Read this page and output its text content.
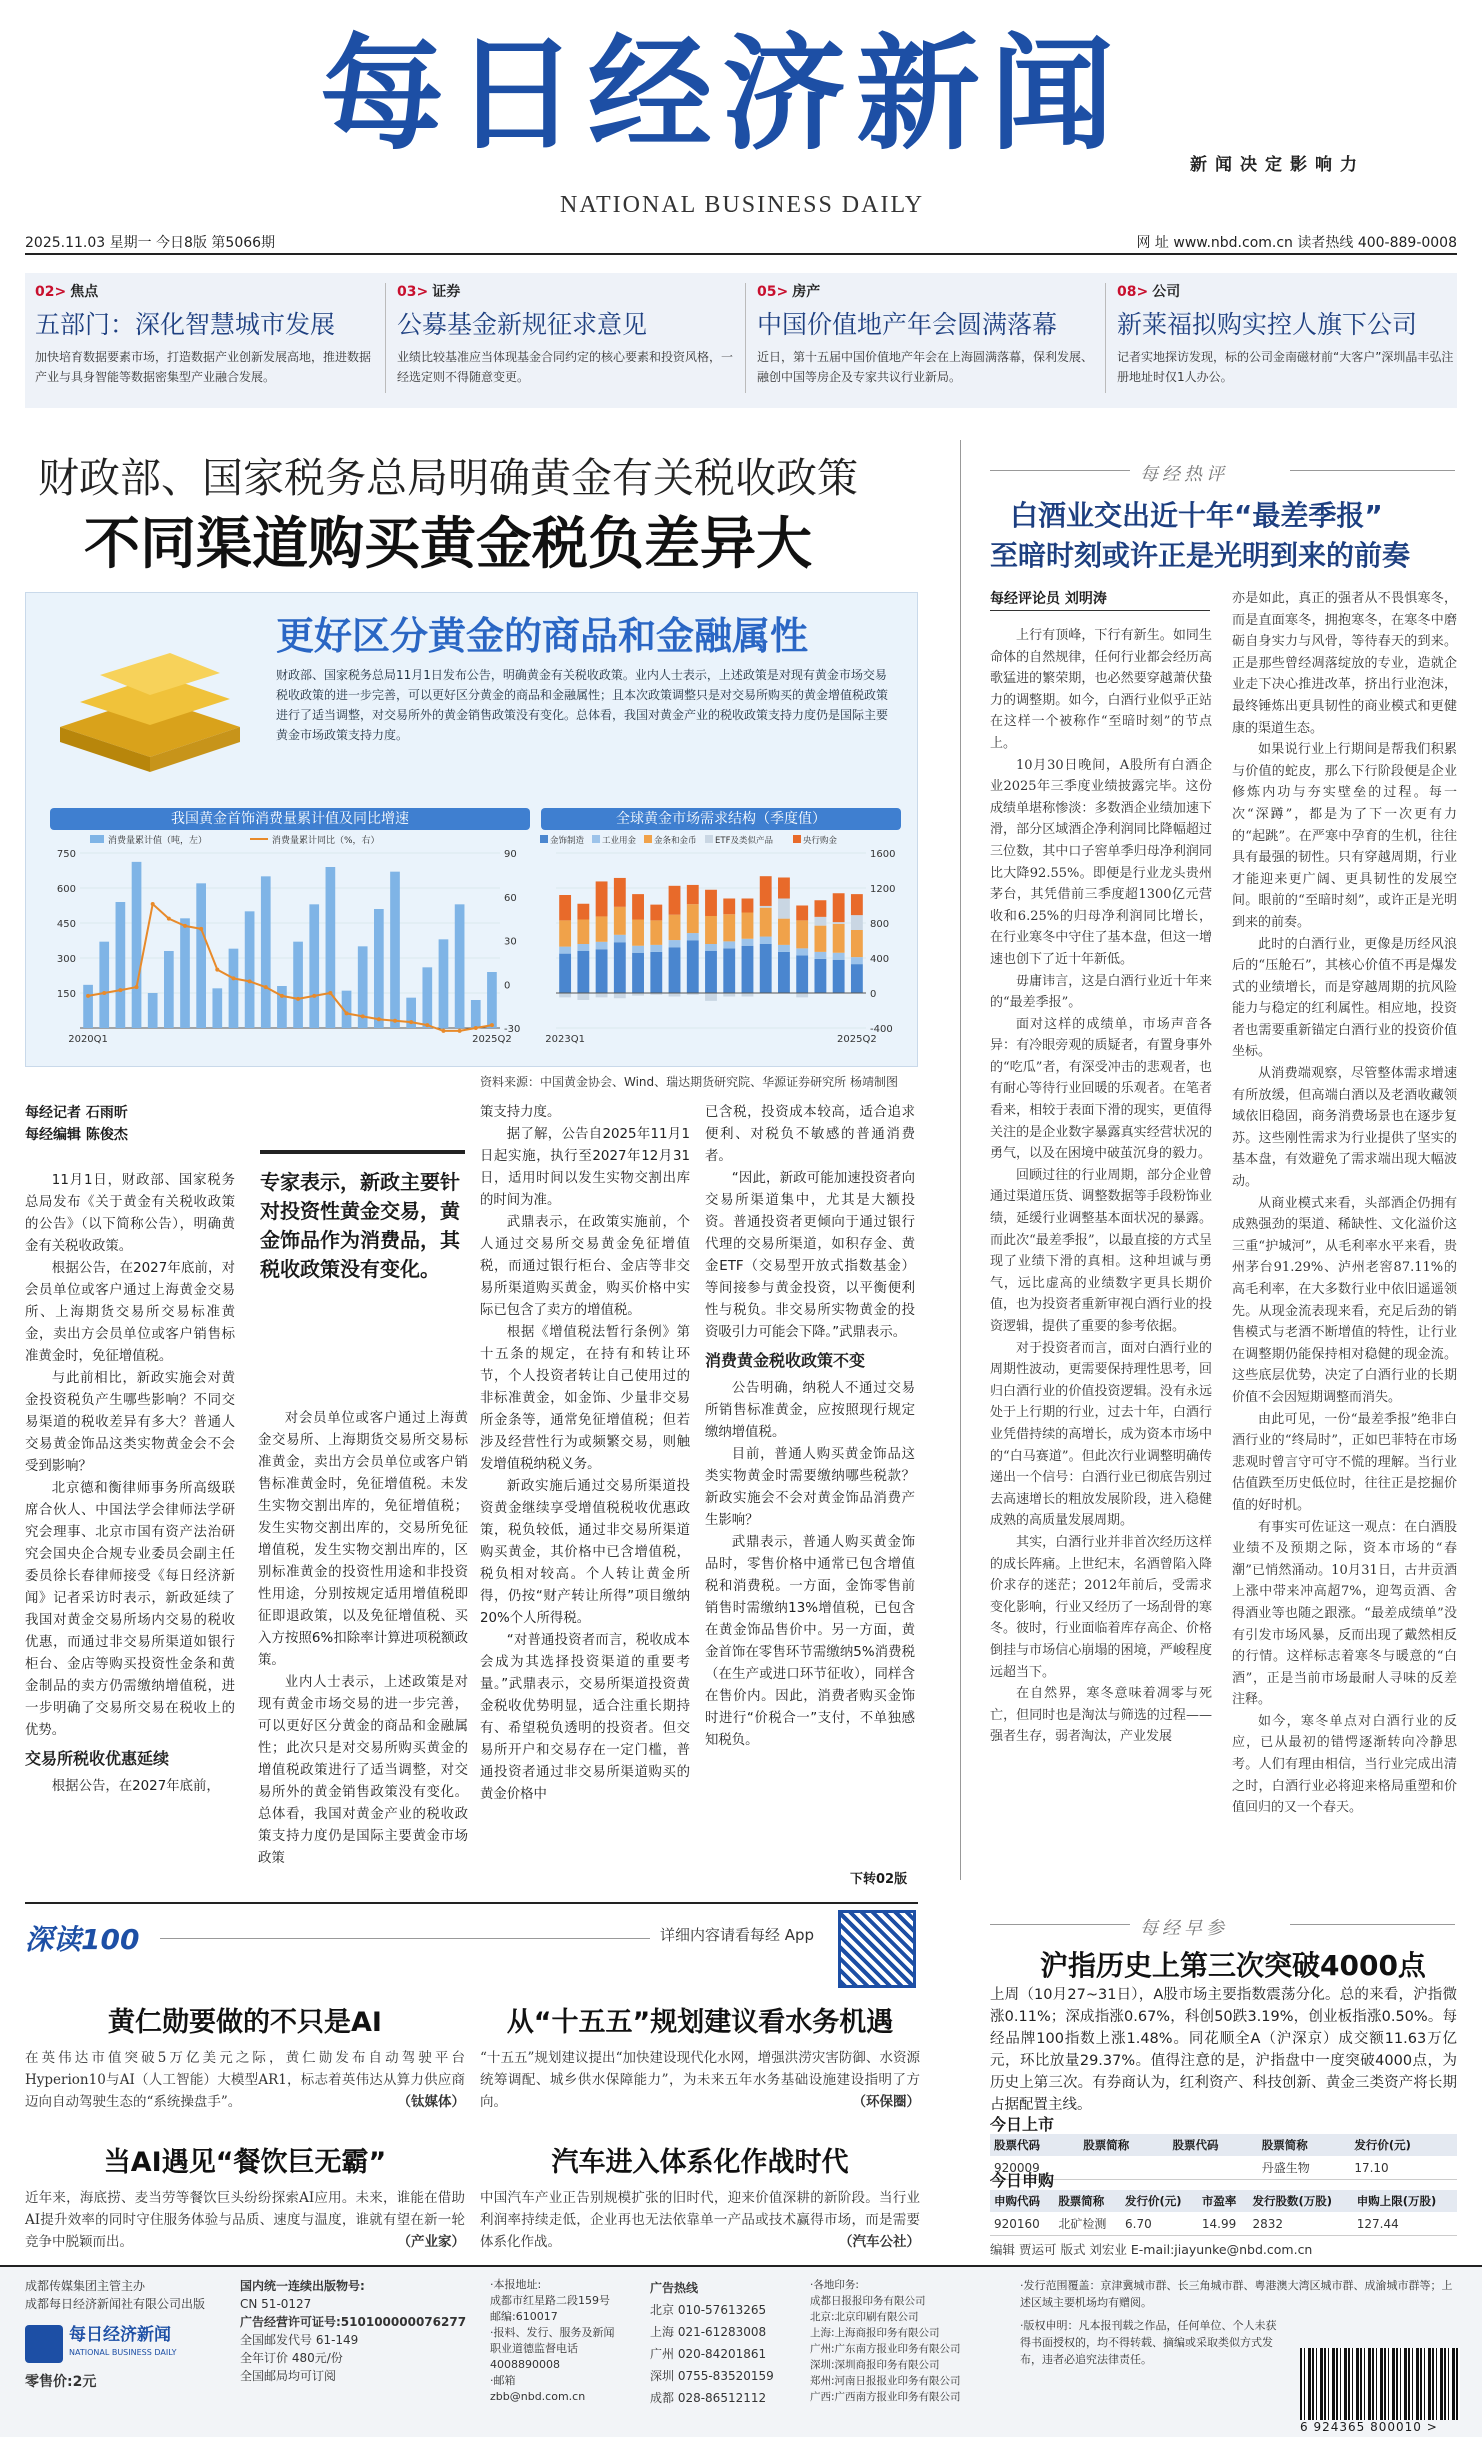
每日经济新闻
NATIONAL BUSINESS DAILY
新闻决定影响力
2025.11.03 星期一 今日8版 第5066期	网 址 www.nbd.com.cn 读者热线 400-889-0008
02> 焦点
五部门：深化智慧城市发展
加快培育数据要素市场，打造数据产业创新发展高地，推进数据产业与具身智能等数据密集型产业融合发展。
03> 证券
公募基金新规征求意见
业绩比较基准应当体现基金合同约定的核心要素和投资风格，一经选定则不得随意变更。
05> 房产
中国价值地产年会圆满落幕
近日，第十五届中国价值地产年会在上海圆满落幕，保利发展、融创中国等房企及专家共议行业新局。
08> 公司
新莱福拟购实控人旗下公司
记者实地探访发现，标的公司金南磁材前“大客户”深圳晶丰弘注册地址时仅1人办公。
财政部、国家税务总局明确黄金有关税收政策
不同渠道购买黄金税负差异大
更好区分黄金的商品和金融属性
财政部、国家税务总局11月1日发布公告，明确黄金有关税收政策。业内人士表示，上述政策是对现有黄金市场交易税收政策的进一步完善，可以更好区分黄金的商品和金融属性；且本次政策调整只是对交易所购买的黄金增值税政策进行了适当调整，对交易所外的黄金销售政策没有变化。总体看，我国对黄金产业的税收政策支持力度仍是国际主要黄金市场政策支持力度。
我国黄金首饰消费量累计值及同比增速	全球黄金市场需求结构（季度值）
消费量累计值（吨，左）	消费量累计同比（%，右）
150
300
450
600
750
-30
0
30
60
90
2020Q1	2025Q2
金饰制造 工业用金 金条和金币 ETF及类似产品	央行购金
-400
0
400
800
1200
1600
2023Q1	2025Q2
资料来源：中国黄金协会、Wind、瑞达期货研究院、华源证券研究所 杨靖制图
每经记者 石雨昕
每经编辑 陈俊杰

11月1日，财政部、国家税务总局发布《关于黄金有关税收政策的公告》（以下简称公告），明确黄金有关税收政策。

根据公告，在2027年底前，对会员单位或客户通过上海黄金交易所、上海期货交易所交易标准黄金，卖出方会员单位或客户销售标准黄金时，免征增值税。

与此前相比，新政实施会对黄金投资税负产生哪些影响？不同交易渠道的税收差异有多大？普通人交易黄金饰品这类实物黄金会不会受到影响？

北京德和衡律师事务所高级联席合伙人、中国法学会律师法学研究会理事、北京市国有资产法治研究会国央企合规专业委员会副主任委员徐长春律师接受《每日经济新闻》记者采访时表示，新政延续了我国对黄金交易所场内交易的税收优惠，而通过非交易所渠道如银行柜台、金店等购买投资性金条和黄金制品的卖方仍需缴纳增值税，进一步明确了交易所交易在税收上的优势。

交易所税收优惠延续

根据公告，在2027年底前，

专家表示，新政主要针对投资性黄金交易，黄金饰品作为消费品，其税收政策没有变化。

对会员单位或客户通过上海黄金交易所、上海期货交易所交易标准黄金，卖出方会员单位或客户销售标准黄金时，免征增值税。未发生实物交割出库的，免征增值税；发生实物交割出库的，交易所免征增值税，发生实物交割出库的，区别标准黄金的投资性用途和非投资性用途，分别按规定适用增值税即征即退政策，以及免征增值税、买入方按照6%扣除率计算进项税额政策。

业内人士表示，上述政策是对现有黄金市场交易的进一步完善，可以更好区分黄金的商品和金融属性；此次只是对交易所购买黄金的增值税政策进行了适当调整，对交易所外的黄金销售政策没有变化。总体看，我国对黄金产业的税收政策支持力度仍是国际主要黄金市场政策

策支持力度。

据了解，公告自2025年11月1日起实施，执行至2027年12月31日，适用时间以发生实物交割出库的时间为准。

武鼎表示，在政策实施前，个人通过交易所交易黄金免征增值税，而通过银行柜台、金店等非交易所渠道购买黄金，购买价格中实际已包含了卖方的增值税。

根据《增值税法暂行条例》第十五条的规定，在持有和转让环节，个人投资者转让自己使用过的非标准黄金，如金饰、少量非交易所金条等，通常免征增值税；但若涉及经营性行为或频繁交易，则触发增值税纳税义务。

新政实施后通过交易所渠道投资黄金继续享受增值税税收优惠政策，税负较低，通过非交易所渠道购买黄金，其价格中已含增值税，税负相对较高。个人转让黄金所得，仍按“财产转让所得”项目缴纳20%个人所得税。

“对普通投资者而言，税收成本会成为其选择投资渠道的重要考量。”武鼎表示，交易所渠道投资黄金税收优势明显，适合注重长期持有、希望税负透明的投资者。但交易所开户和交易存在一定门槛，普通投资者通过非交易所渠道购买的黄金价格中

已含税，投资成本较高，适合追求便利、对税负不敏感的普通消费者。

“因此，新政可能加速投资者向交易所渠道集中，尤其是大额投资。普通投资者更倾向于通过银行代理的交易所渠道，如积存金、黄金ETF（交易型开放式指数基金）等间接参与黄金投资，以平衡便利性与税负。非交易所实物黄金的投资吸引力可能会下降。”武鼎表示。

消费黄金税收政策不变

公告明确，纳税人不通过交易所销售标准黄金，应按照现行规定缴纳增值税。

目前，普通人购买黄金饰品这类实物黄金时需要缴纳哪些税款？新政实施会不会对黄金饰品消费产生影响？

武鼎表示，普通人购买黄金饰品时，零售价格中通常已包含增值税和消费税。一方面，金饰零售前销售时需缴纳13%增值税，已包含在黄金饰品售价中。另一方面，黄金首饰在零售环节需缴纳5%消费税（在生产或进口环节征收），同样含在售价内。因此，消费者购买金饰时进行“价税合一”支付，不单独感知税负。

下转02版
每经热评
白酒业交出近十年“最差季报”
至暗时刻或许正是光明到来的前奏
每经评论员 刘明涛

上行有顶峰，下行有新生。如同生命体的自然规律，任何行业都会经历高歌猛进的繁荣期，也必然要穿越萧伏蛰力的调整期。如今，白酒行业似乎正站在这样一个被称作“至暗时刻”的节点上。

10月30日晚间，A股所有白酒企业2025年三季度业绩披露完毕。这份成绩单堪称惨淡：多数酒企业绩加速下滑，部分区域酒企净利润同比降幅超过三位数，其中口子窖单季归母净利润同比大降92.55%。即便是行业龙头贵州茅台，其凭借前三季度超1300亿元营收和6.25%的归母净利润同比增长，在行业寒冬中守住了基本盘，但这一增速也创下了近十年新低。

毋庸讳言，这是白酒行业近十年来的“最差季报”。

面对这样的成绩单，市场声音各异：有冷眼旁观的质疑者，有置身事外的“吃瓜”者，有深受冲击的悲观者，也有耐心等待行业回暖的乐观者。在笔者看来，相较于表面下滑的现实，更值得关注的是企业数字暴露真实经营状况的勇气，以及在困境中破茧沉身的毅力。

回顾过往的行业周期，部分企业曾通过渠道压货、调整数据等手段粉饰业绩，延缓行业调整基本面状况的暴露。而此次“最差季报”，以最直接的方式呈现了业绩下滑的真相。这种坦诚与勇气，远比虚高的业绩数字更具长期价值，也为投资者重新审视白酒行业的投资逻辑，提供了重要的参考依据。

对于投资者而言，面对白酒行业的周期性波动，更需要保持理性思考，回归白酒行业的价值投资逻辑。没有永远处于上行期的行业，过去十年，白酒行业凭借持续的高增长，成为资本市场中的“白马赛道”。但此次行业调整明确传递出一个信号：白酒行业已彻底告别过去高速增长的粗放发展阶段，进入稳健成熟的高质量发展周期。

其实，白酒行业并非首次经历这样的成长阵痛。上世纪末，名酒曾陷入降价求存的迷茫；2012年前后，受需求变化影响，行业又经历了一场刮骨的寒冬。彼时，行业面临着库存高企、价格倒挂与市场信心崩塌的困境，严峻程度远超当下。

在自然界，寒冬意味着凋零与死亡，但同时也是淘汰与筛选的过程——强者生存，弱者淘汰，产业发展

亦是如此，真正的强者从不畏惧寒冬，而是直面寒冬，拥抱寒冬，在寒冬中磨砺自身实力与风骨，等待春天的到来。正是那些曾经凋落绽放的专业，造就企业走下决心推进改革，挤出行业泡沫，最终锤炼出更具韧性的商业模式和更健康的渠道生态。

如果说行业上行期间是帮我们积累与价值的蛇皮，那么下行阶段便是企业修炼内功与夯实壁垒的过程。每一次“深蹲”，都是为了下一次更有力的“起跳”。在严寒中孕育的生机，往往具有最强的韧性。只有穿越周期，行业才能迎来更广阔、更具韧性的发展空间。眼前的“至暗时刻”，或许正是光明到来的前奏。

此时的白酒行业，更像是历经风浪后的“压舱石”，其核心价值不再是爆发式的业绩增长，而是穿越周期的抗风险能力与稳定的红利属性。相应地，投资者也需要重新锚定白酒行业的投资价值坐标。

从消费端观察，尽管整体需求增速有所放缓，但高端白酒以及老酒收藏领域依旧稳固，商务消费场景也在逐步复苏。这些刚性需求为行业提供了坚实的基本盘，有效避免了需求端出现大幅波动。

从商业模式来看，头部酒企仍拥有成熟强劲的渠道、稀缺性、文化溢价这三重“护城河”，从毛利率水平来看，贵州茅台91.29%、泸州老窖87.11%的高毛利率，在大多数行业中依旧遥遥领先。从现金流表现来看，充足后劲的销售模式与老酒不断增值的特性，让行业在调整期仍能保持相对稳健的现金流。这些底层优势，决定了白酒行业的长期价值不会因短期调整而消失。

由此可见，一份“最差季报”绝非白酒行业的“终局时”，正如巴菲特在市场悲观时曾言守可守不慌的理解。当行业估值跌至历史低位时，往往正是挖掘价值的好时机。

有事实可佐证这一观点：在白酒股业绩不及预期之际，资本市场的“春潮”已悄然涌动。10月31日，古井贡酒上涨中带来冲高超7%，迎驾贡酒、舍得酒业等也随之跟涨。“最差成绩单”没有引发市场风暴，反而出现了戴然相反的行情。这样标志着寒冬与暖意的“白酒”，正是当前市场最耐人寻味的反差注释。

如今，寒冬单点对白酒行业的反应，已从最初的错愕逐渐转向冷静思考。人们有理由相信，当行业完成出清之时，白酒行业必将迎来格局重塑和价值回归的又一个春天。

深读100	详细内容请看每经 App
黄仁勋要做的不只是AI
在英伟达市值突破5万亿美元之际，黄仁勋发布自动驾驶平台Hyperion10与AI（人工智能）大模型AR1，标志着英伟达从算力供应商迈向自动驾驶生态的“系统操盘手”。	（钛媒体）
从“十五五”规划建议看水务机遇
“十五五”规划建议提出“加快建设现代化水网，增强洪涝灾害防御、水资源统筹调配、城乡供水保障能力”，为未来五年水务基础设施建设指明了方向。	（环保圈）
当AI遇见“餐饮巨无霸”
近年来，海底捞、麦当劳等餐饮巨头纷纷探索AI应用。未来，谁能在借助AI提升效率的同时守住服务体验与品质、速度与温度，谁就有望在新一轮竞争中脱颖而出。	（产业家）
汽车进入体系化作战时代
中国汽车产业正告别规模扩张的旧时代，迎来价值深耕的新阶段。当行业利润率持续走低，企业再也无法依靠单一产品或技术赢得市场，而是需要体系化作战。	（汽车公社）
每经早参
沪指历史上第三次突破4000点
上周（10月27~31日），A股市场主要指数震荡分化。总的来看，沪指微涨0.11%；深成指涨0.67%，科创50跌3.19%，创业板指涨0.50%。每经品牌100指数上涨1.48%。同花顺全A（沪深京）成交额11.63万亿元，环比放量29.37%。值得注意的是，沪指盘中一度突破4000点，为历史上第三次。有券商认为，红利资产、科技创新、黄金三类资产将长期占据配置主线。
今日上市
股票代码	股票简称	股票代码	股票简称	发行价(元)
920009			丹盛生物	17.10
今日申购
申购代码	股票简称	发行价(元)	市盈率	发行股数(万股)	申购上限(万股)
920160	北矿检测	6.70	14.99	2832	127.44
编辑 贾运可 版式 刘宏业 E-mail:jiayunke@nbd.com.cn
成都传媒集团主管主办
成都每日经济新闻社有限公司出版
每日经济新闻
NATIONAL BUSINESS DAILY
零售价:2元
国内统一连续出版物号:
CN 51-0127
广告经营许可证号:510100000076277
全国邮发代号 61-149
全年订价 480元/份
全国邮局均可订阅
·本报地址:
成都市红星路二段159号
邮编:610017
·报料、发行、服务及新闻
职业道德监督电话
4008890008
·邮箱
zbb@nbd.com.cn
广告热线
北京 010-57613265
上海 021-61283008
广州 020-84201861
深圳 0755-83520159
成都 028-86512112
·各地印务:
成都日报报印务有限公司
北京:北京印刷有限公司
上海:上海商报印务有限公司
广州:广东南方报业印务有限公司
深圳:深圳商报印务有限公司
郑州:河南日报报业印务有限公司
广西:广西南方报业印务有限公司
·发行范围覆盖：京津冀城市群、长三角城市群、粤港澳大湾区城市群、成渝城市群等；上述区域主要机场均有赠阅。
·版权申明：凡本报刊载之作品，任何单位、个人未获得书面授权的，均不得转载、摘编或采取类似方式发布，违者必追究法律责任。
6 924365 800010 >
